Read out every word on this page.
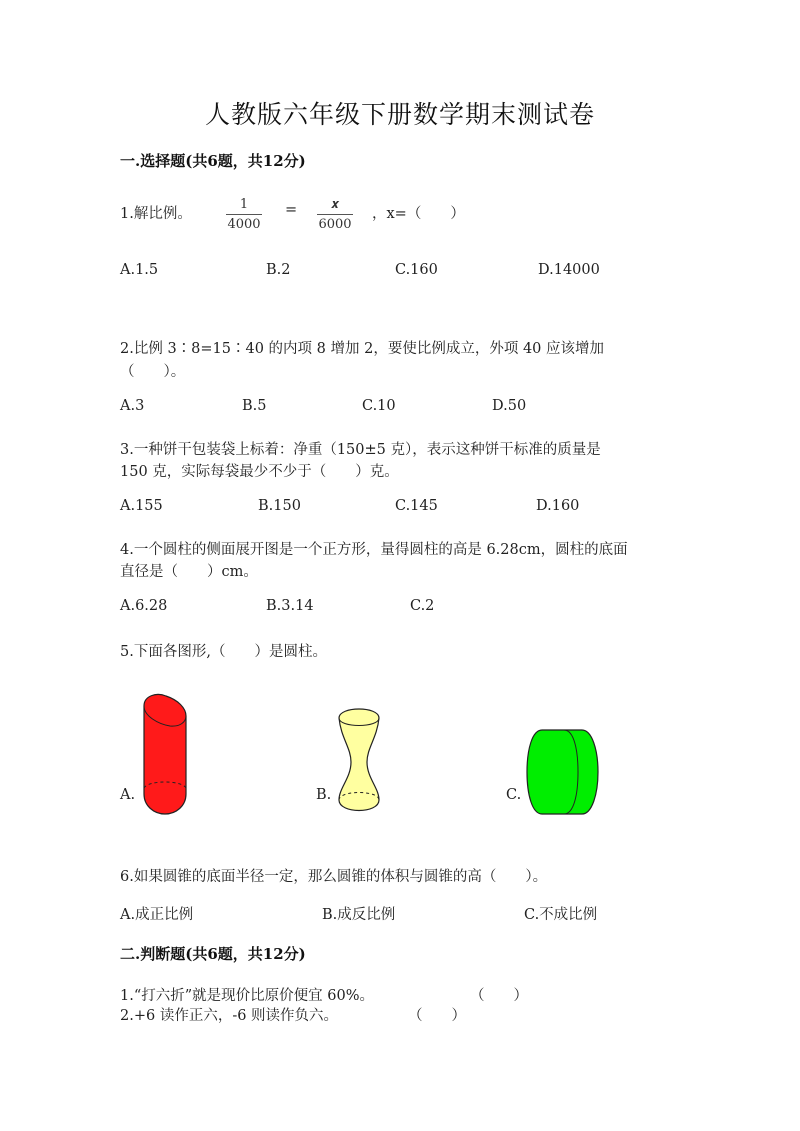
人教版六年级下册数学期末测试卷
一.选择题(共6题，共12分)
1.解比例。
1
4000
=	𝒙
6000
，x=（　　）
A.1.5	B.2	C.160	D.14000
2.比例 3∶8=15∶40 的内项 8 增加 2，要使比例成立，外项 40 应该增加
（　　）。
A.3	B.5	C.10	D.50
3.一种饼干包装袋上标着：净重（150±5 克），表示这种饼干标准的质量是
150 克，实际每袋最少不少于（　　）克。
A.155	B.150	C.145	D.160
4.一个圆柱的侧面展开图是一个正方形，量得圆柱的高是 6.28cm，圆柱的底面
直径是（　　）cm。
A.6.28	B.3.14	C.2
5.下面各图形,（　　）是圆柱。
A.	B.	C.
6.如果圆锥的底面半径一定，那么圆锥的体积与圆锥的高（　　）。
A.成正比例	B.成反比例	C.不成比例
二.判断题(共6题，共12分)
1.“打六折”就是现价比原价便宜 60%。	（　　）
2.+6 读作正六，-6 则读作负六。	（　　）
